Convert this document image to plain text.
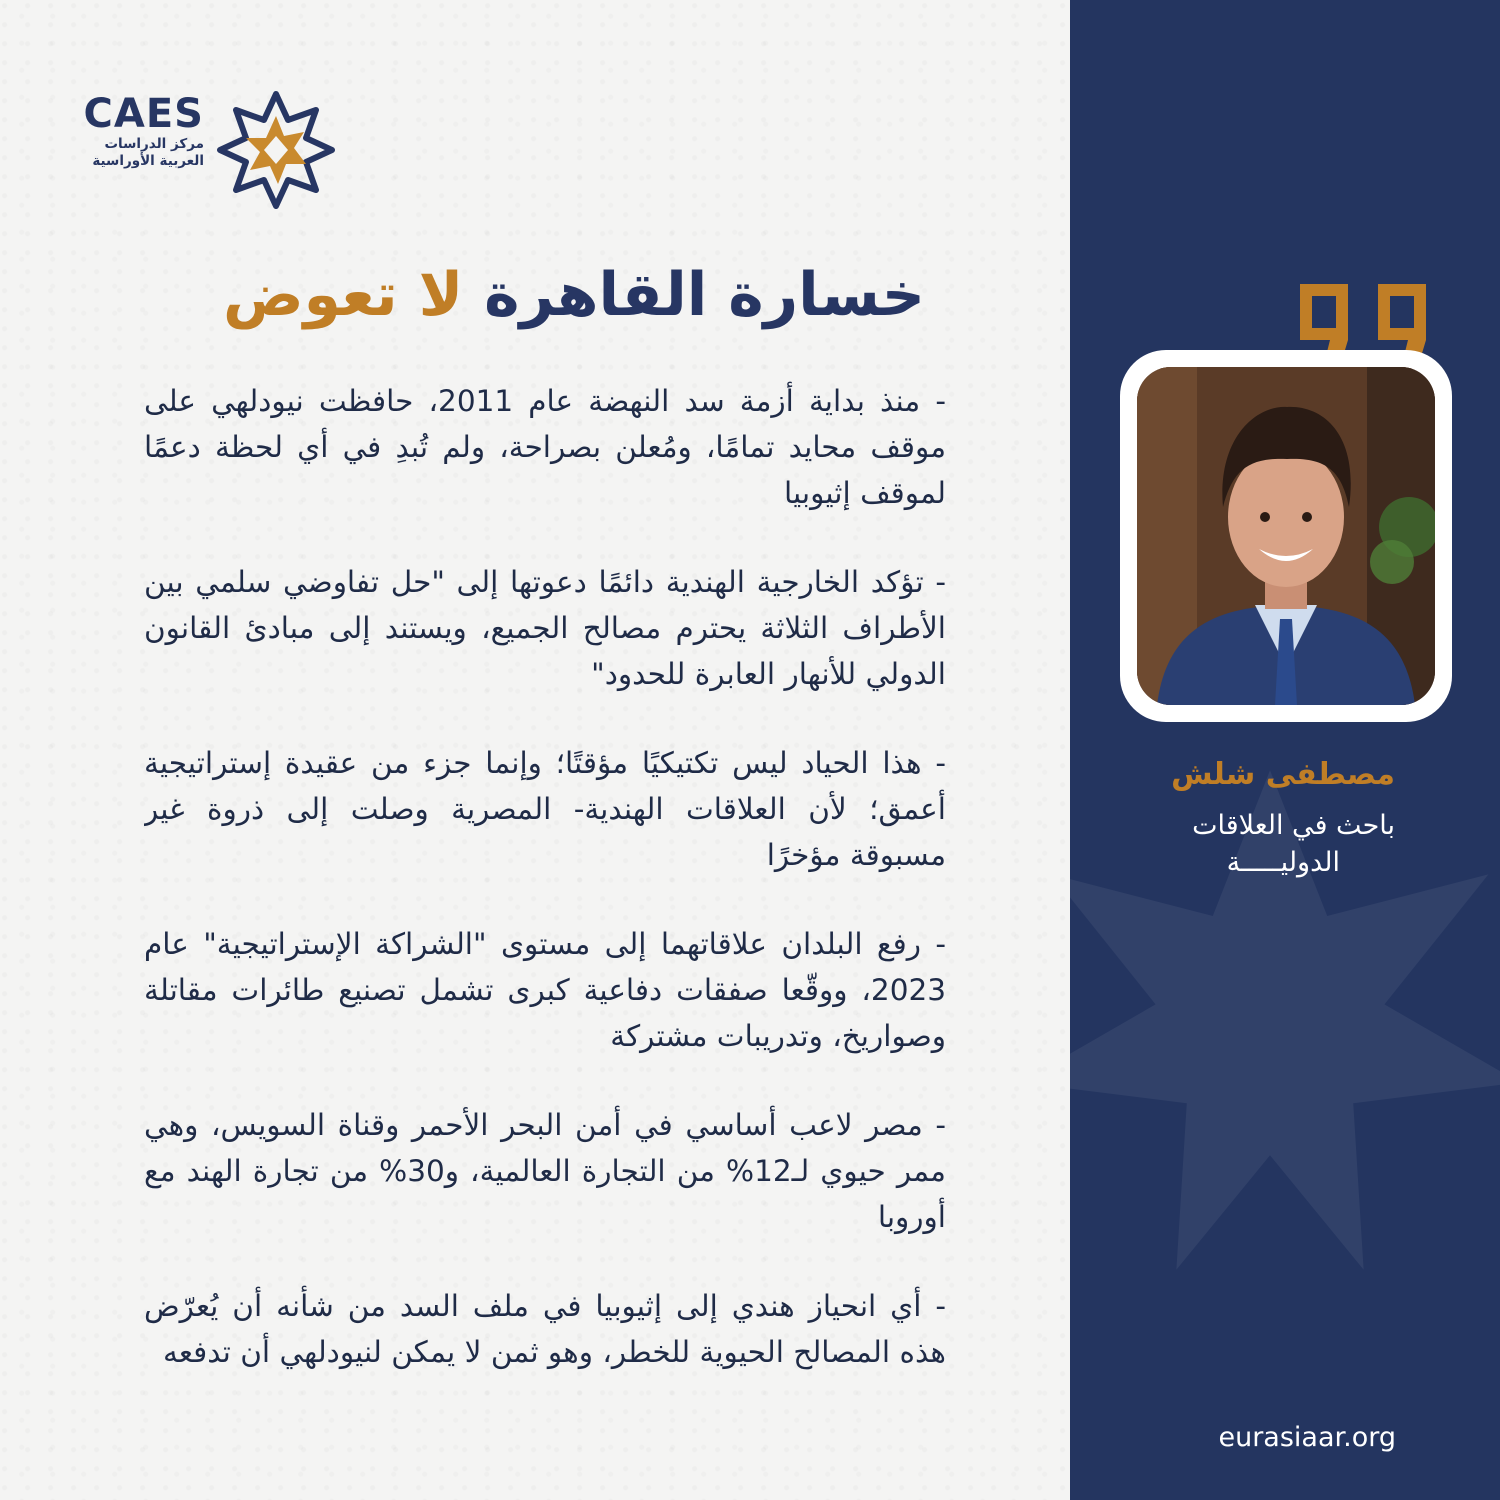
CAES
مركز الدراسات
العربية الأوراسية
خسارة القاهرة لا تعوض

- منذ بداية أزمة سد النهضة عام 2011، حافظت نيودلهي على موقف محايد تمامًا، ومُعلن بصراحة، ولم تُبدِ في أي لحظة دعمًا لموقف إثيوبيا

- تؤكد الخارجية الهندية دائمًا دعوتها إلى "حل تفاوضي سلمي بين الأطراف الثلاثة يحترم مصالح الجميع، ويستند إلى مبادئ القانون الدولي للأنهار العابرة للحدود"

- هذا الحياد ليس تكتيكيًا مؤقتًا؛ وإنما جزء من عقيدة إستراتيجية أعمق؛ لأن العلاقات الهندية- المصرية وصلت إلى ذروة غير مسبوقة مؤخرًا

- رفع البلدان علاقاتهما إلى مستوى "الشراكة الإستراتيجية" عام 2023، ووقّعا صفقات دفاعية كبرى تشمل تصنيع طائرات مقاتلة وصواريخ، وتدريبات مشتركة

- مصر لاعب أساسي في أمن البحر الأحمر وقناة السويس، وهي ممر حيوي لـ12% من التجارة العالمية، و30% من تجارة الهند مع أوروبا

- أي انحياز هندي إلى إثيوبيا في ملف السد من شأنه أن يُعرّض هذه المصالح الحيوية للخطر، وهو ثمن لا يمكن لنيودلهي أن تدفعه

مصطفى شلش
باحث في العلاقات
الدوليـــــة
eurasiaar.org
